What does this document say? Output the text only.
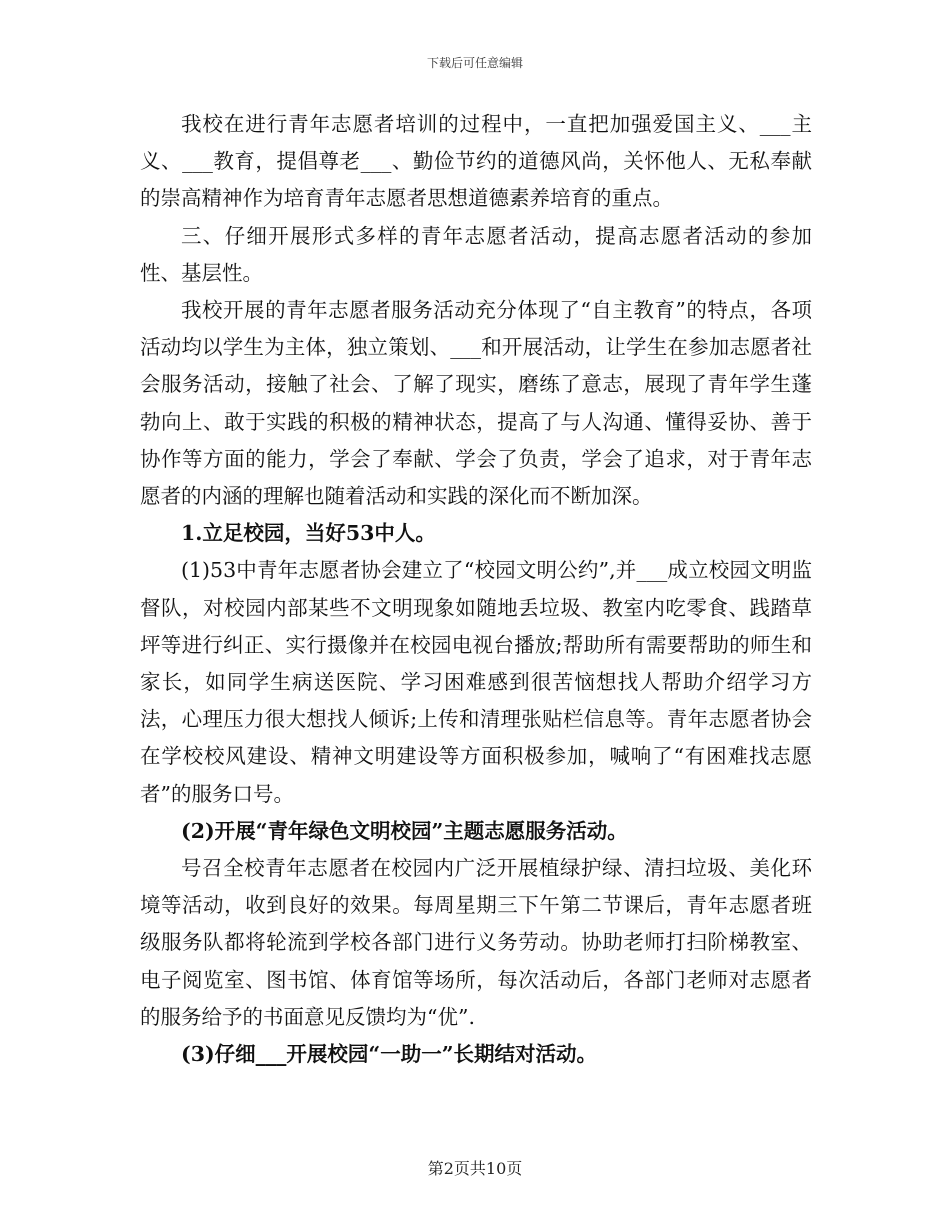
下载后可任意编辑

我校在进行青年志愿者培训的过程中，一直把加强爱国主义、___主义、___教育，提倡尊老___、勤俭节约的道德风尚，关怀他人、无私奉献的崇高精神作为培育青年志愿者思想道德素养培育的重点。

三、仔细开展形式多样的青年志愿者活动，提高志愿者活动的参加性、基层性。

我校开展的青年志愿者服务活动充分体现了“自主教育”的特点，各项活动均以学生为主体，独立策划、___和开展活动，让学生在参加志愿者社会服务活动，接触了社会、了解了现实，磨练了意志，展现了青年学生蓬勃向上、敢于实践的积极的精神状态，提高了与人沟通、懂得妥协、善于协作等方面的能力，学会了奉献、学会了负责，学会了追求，对于青年志愿者的内涵的理解也随着活动和实践的深化而不断加深。

1.立足校园，当好53中人。

(1)53中青年志愿者协会建立了“校园文明公约”,并___成立校园文明监督队，对校园内部某些不文明现象如随地丢垃圾、教室内吃零食、践踏草坪等进行纠正、实行摄像并在校园电视台播放;帮助所有需要帮助的师生和家长，如同学生病送医院、学习困难感到很苦恼想找人帮助介绍学习方法，心理压力很大想找人倾诉;上传和清理张贴栏信息等。青年志愿者协会在学校校风建设、精神文明建设等方面积极参加，喊响了“有困难找志愿者”的服务口号。

(2)开展“青年绿色文明校园”主题志愿服务活动。

号召全校青年志愿者在校园内广泛开展植绿护绿、清扫垃圾、美化环境等活动，收到良好的效果。每周星期三下午第二节课后，青年志愿者班级服务队都将轮流到学校各部门进行义务劳动。协助老师打扫阶梯教室、电子阅览室、图书馆、体育馆等场所，每次活动后，各部门老师对志愿者的服务给予的书面意见反馈均为“优”.

(3)仔细___开展校园“一助一”长期结对活动。

第2页共10页
